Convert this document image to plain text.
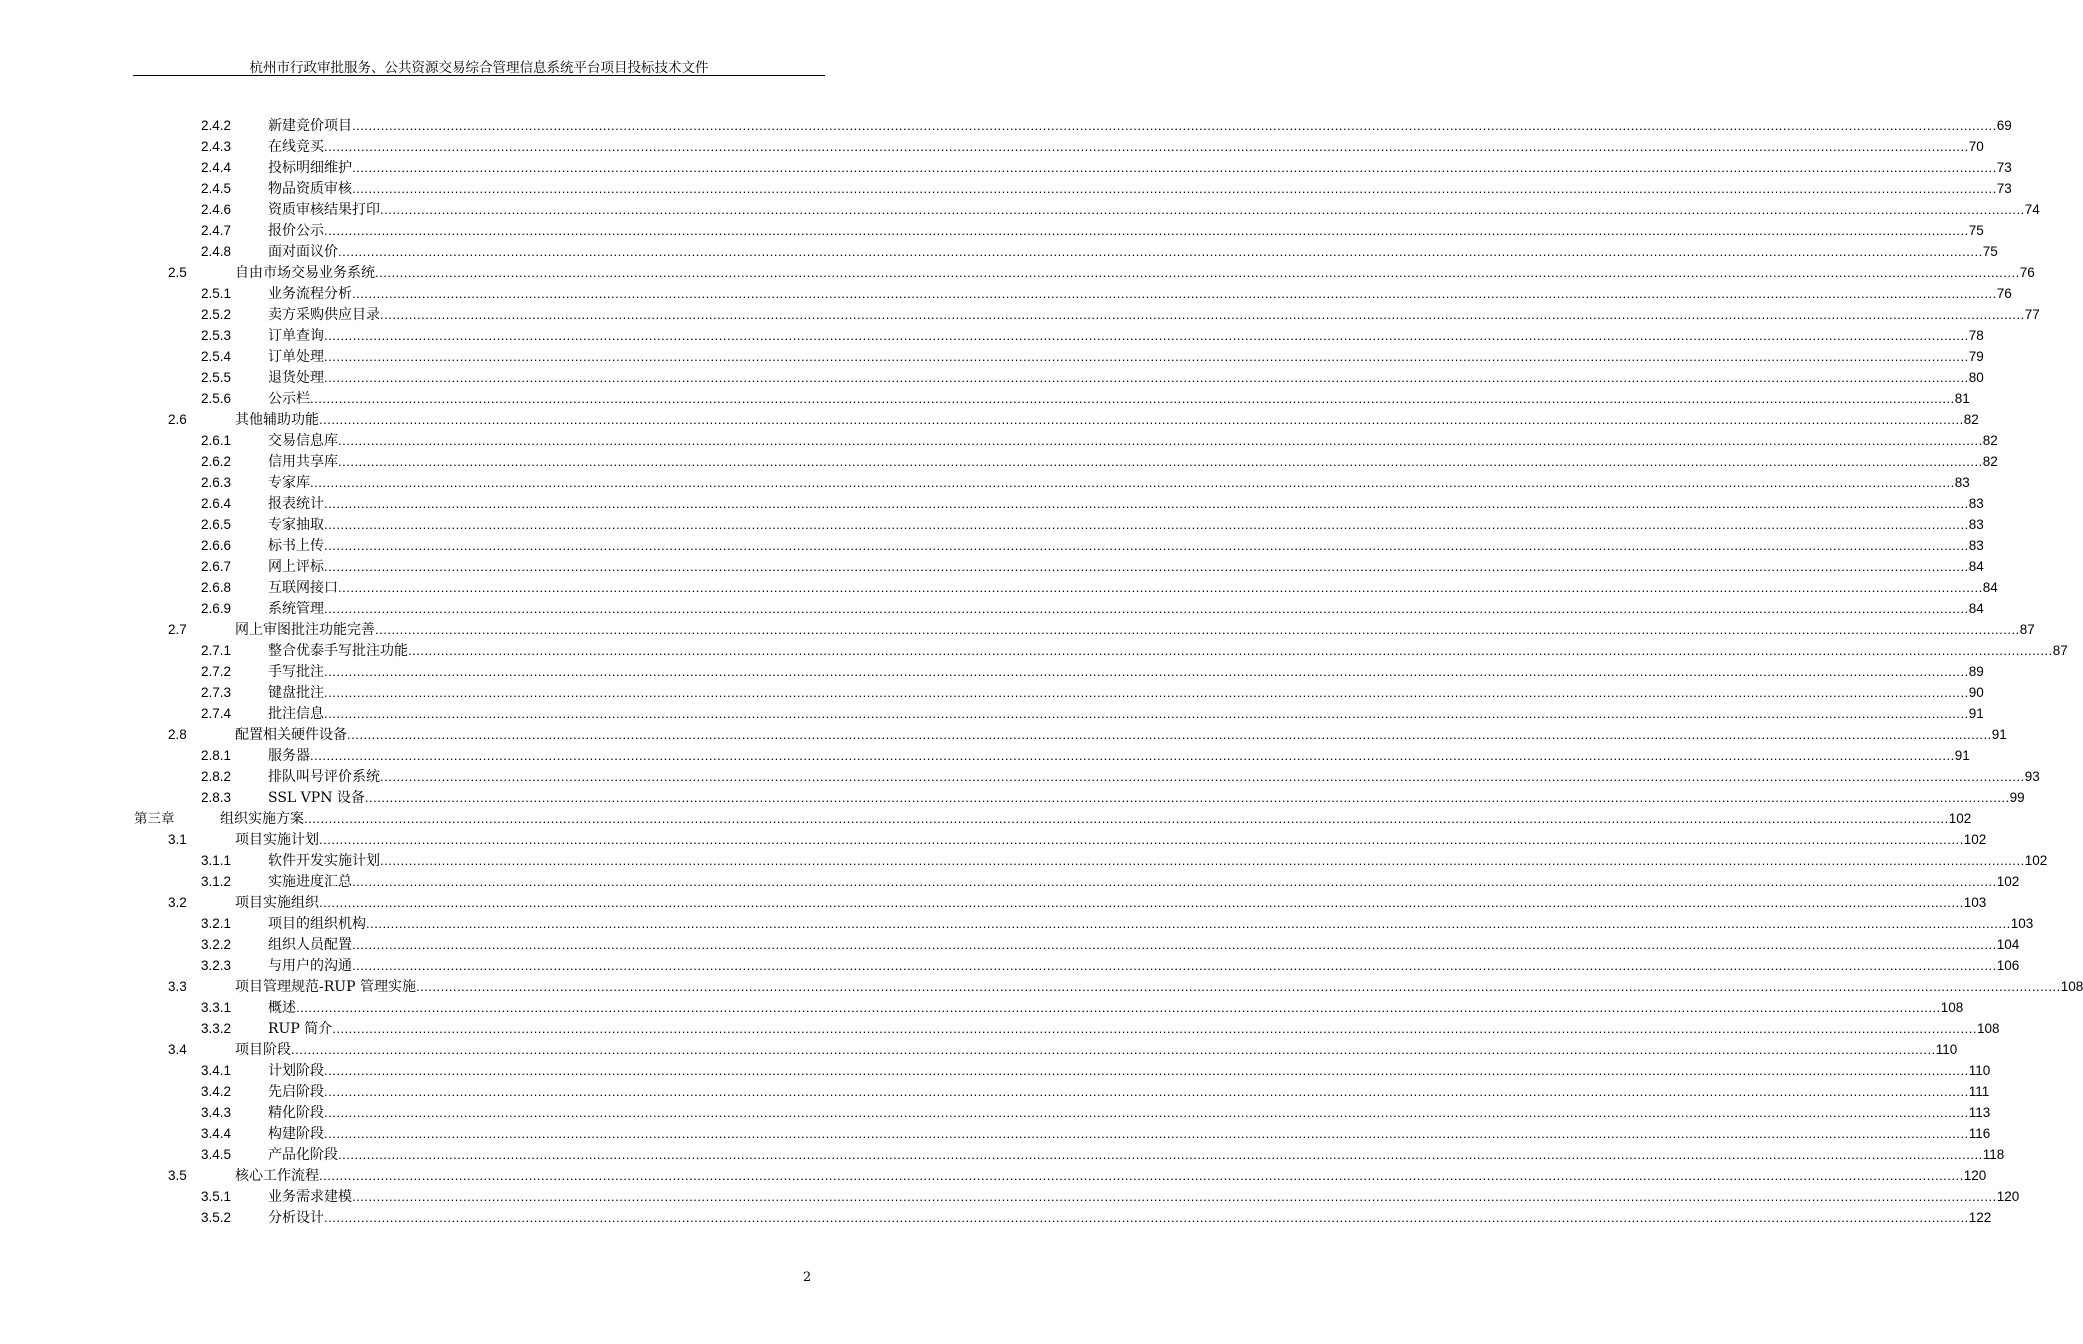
杭州市行政审批服务、公共资源交易综合管理信息系统平台项目投标技术文件
2.4.2	新建竞价项目 ................................................................................................................................................................................................................................................................................................................................................................................................................ 69
2.4.3	在线竞买 ................................................................................................................................................................................................................................................................................................................................................................................................................ 70
2.4.4	投标明细维护 ................................................................................................................................................................................................................................................................................................................................................................................................................ 73
2.4.5	物品资质审核 ................................................................................................................................................................................................................................................................................................................................................................................................................ 73
2.4.6	资质审核结果打印 ................................................................................................................................................................................................................................................................................................................................................................................................................ 74
2.4.7	报价公示 ................................................................................................................................................................................................................................................................................................................................................................................................................ 75
2.4.8	面对面议价 ................................................................................................................................................................................................................................................................................................................................................................................................................ 75
2.5	自由市场交易业务系统 ................................................................................................................................................................................................................................................................................................................................................................................................................ 76
2.5.1	业务流程分析 ................................................................................................................................................................................................................................................................................................................................................................................................................ 76
2.5.2	卖方采购供应目录 ................................................................................................................................................................................................................................................................................................................................................................................................................ 77
2.5.3	订单查询 ................................................................................................................................................................................................................................................................................................................................................................................................................ 78
2.5.4	订单处理 ................................................................................................................................................................................................................................................................................................................................................................................................................ 79
2.5.5	退货处理 ................................................................................................................................................................................................................................................................................................................................................................................................................ 80
2.5.6	公示栏 ................................................................................................................................................................................................................................................................................................................................................................................................................ 81
2.6	其他辅助功能 ................................................................................................................................................................................................................................................................................................................................................................................................................ 82
2.6.1	交易信息库 ................................................................................................................................................................................................................................................................................................................................................................................................................ 82
2.6.2	信用共享库 ................................................................................................................................................................................................................................................................................................................................................................................................................ 82
2.6.3	专家库 ................................................................................................................................................................................................................................................................................................................................................................................................................ 83
2.6.4	报表统计 ................................................................................................................................................................................................................................................................................................................................................................................................................ 83
2.6.5	专家抽取 ................................................................................................................................................................................................................................................................................................................................................................................................................ 83
2.6.6	标书上传 ................................................................................................................................................................................................................................................................................................................................................................................................................ 83
2.6.7	网上评标 ................................................................................................................................................................................................................................................................................................................................................................................................................ 84
2.6.8	互联网接口 ................................................................................................................................................................................................................................................................................................................................................................................................................ 84
2.6.9	系统管理 ................................................................................................................................................................................................................................................................................................................................................................................................................ 84
2.7	网上审图批注功能完善 ................................................................................................................................................................................................................................................................................................................................................................................................................ 87
2.7.1	整合优泰手写批注功能 ................................................................................................................................................................................................................................................................................................................................................................................................................ 87
2.7.2	手写批注 ................................................................................................................................................................................................................................................................................................................................................................................................................ 89
2.7.3	键盘批注 ................................................................................................................................................................................................................................................................................................................................................................................................................ 90
2.7.4	批注信息 ................................................................................................................................................................................................................................................................................................................................................................................................................ 91
2.8	配置相关硬件设备 ................................................................................................................................................................................................................................................................................................................................................................................................................ 91
2.8.1	服务器 ................................................................................................................................................................................................................................................................................................................................................................................................................ 91
2.8.2	排队叫号评价系统 ................................................................................................................................................................................................................................................................................................................................................................................................................ 93
2.8.3	SSL VPN 设备 ................................................................................................................................................................................................................................................................................................................................................................................................................ 99
第三章	组织实施方案 ................................................................................................................................................................................................................................................................................................................................................................................................................ 102
3.1	项目实施计划 ................................................................................................................................................................................................................................................................................................................................................................................................................ 102
3.1.1	软件开发实施计划 ................................................................................................................................................................................................................................................................................................................................................................................................................ 102
3.1.2	实施进度汇总 ................................................................................................................................................................................................................................................................................................................................................................................................................ 102
3.2	项目实施组织 ................................................................................................................................................................................................................................................................................................................................................................................................................ 103
3.2.1	项目的组织机构 ................................................................................................................................................................................................................................................................................................................................................................................................................ 103
3.2.2	组织人员配置 ................................................................................................................................................................................................................................................................................................................................................................................................................ 104
3.2.3	与用户的沟通 ................................................................................................................................................................................................................................................................................................................................................................................................................ 106
3.3	项目管理规范-RUP 管理实施 ................................................................................................................................................................................................................................................................................................................................................................................................................ 108
3.3.1	概述 ................................................................................................................................................................................................................................................................................................................................................................................................................ 108
3.3.2	RUP 简介 ................................................................................................................................................................................................................................................................................................................................................................................................................ 108
3.4	项目阶段 ................................................................................................................................................................................................................................................................................................................................................................................................................ 110
3.4.1	计划阶段 ................................................................................................................................................................................................................................................................................................................................................................................................................ 110
3.4.2	先启阶段 ................................................................................................................................................................................................................................................................................................................................................................................................................ 111
3.4.3	精化阶段 ................................................................................................................................................................................................................................................................................................................................................................................................................ 113
3.4.4	构建阶段 ................................................................................................................................................................................................................................................................................................................................................................................................................ 116
3.4.5	产品化阶段 ................................................................................................................................................................................................................................................................................................................................................................................................................ 118
3.5	核心工作流程 ................................................................................................................................................................................................................................................................................................................................................................................................................ 120
3.5.1	业务需求建模 ................................................................................................................................................................................................................................................................................................................................................................................................................ 120
3.5.2	分析设计 ................................................................................................................................................................................................................................................................................................................................................................................................................ 122
2
